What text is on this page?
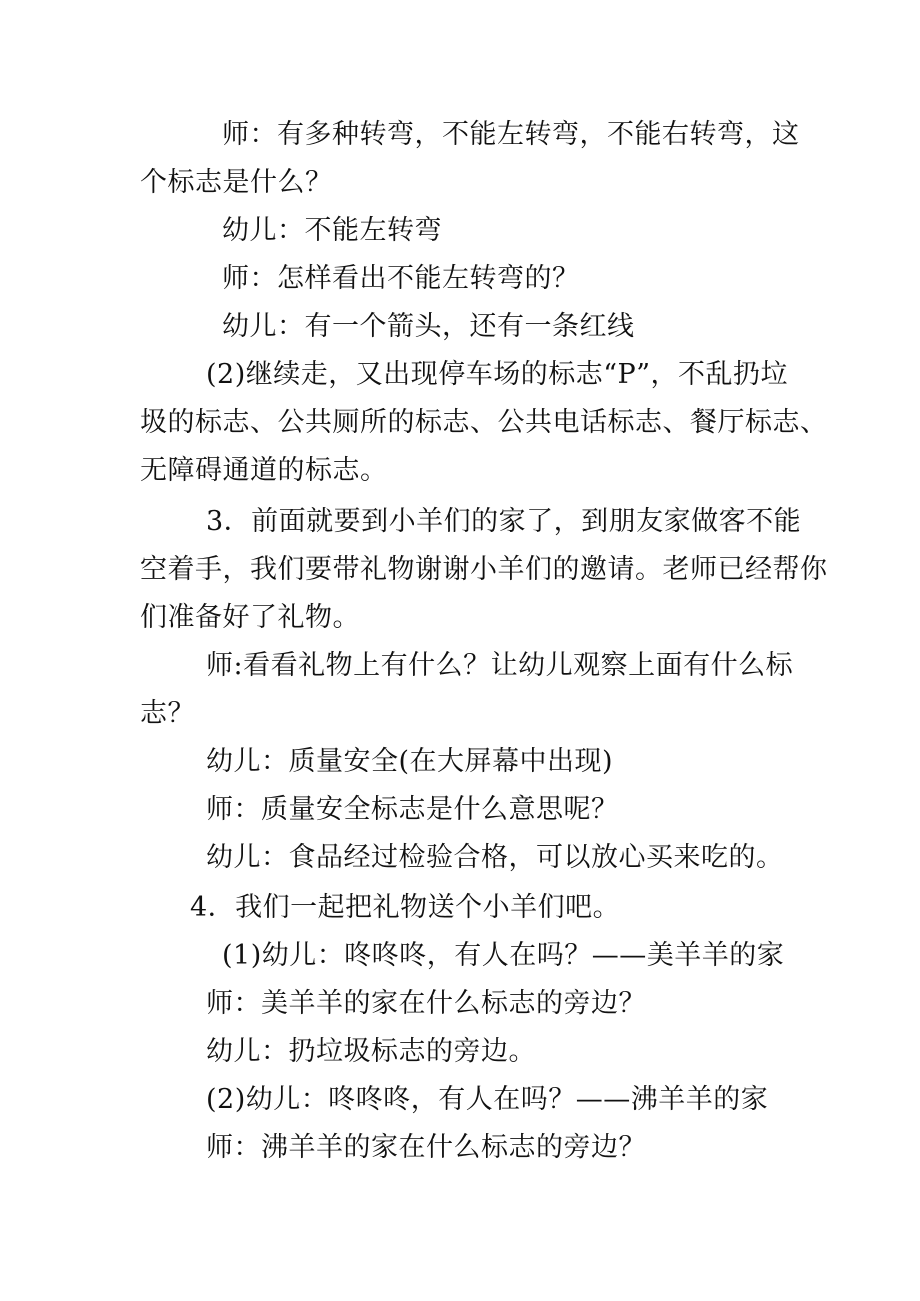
师：有多种转弯，不能左转弯，不能右转弯，这
个标志是什么？
幼儿：不能左转弯
师：怎样看出不能左转弯的？
幼儿：有一个箭头，还有一条红线
(2)继续走，又出现停车场的标志“P”，不乱扔垃
圾的标志、公共厕所的标志、公共电话标志、餐厅标志、
无障碍通道的标志。
3．前面就要到小羊们的家了，到朋友家做客不能
空着手，我们要带礼物谢谢小羊们的邀请。老师已经帮你
们准备好了礼物。
师:看看礼物上有什么？让幼儿观察上面有什么标
志？
幼儿：质量安全(在大屏幕中出现)
师：质量安全标志是什么意思呢？
幼儿：食品经过检验合格，可以放心买来吃的。
4．我们一起把礼物送个小羊们吧。
(1)幼儿：咚咚咚，有人在吗？——美羊羊的家
师：美羊羊的家在什么标志的旁边？
幼儿：扔垃圾标志的旁边。
(2)幼儿：咚咚咚，有人在吗？——沸羊羊的家
师：沸羊羊的家在什么标志的旁边？
